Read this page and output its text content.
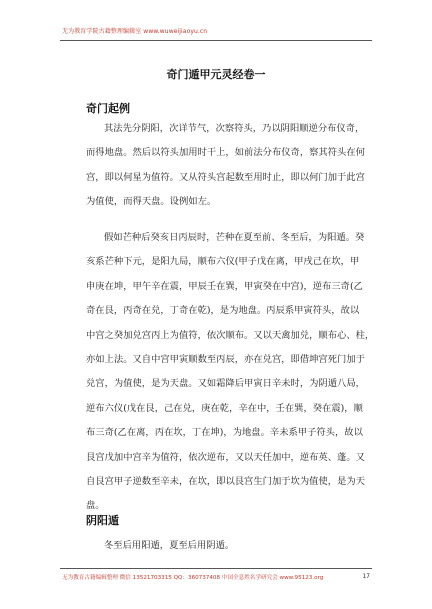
无为教育学院古籍整理编辑室 www.wuweijiaoyu.cn
奇门遁甲元灵经卷一
奇门起例

其法先分阴阳，次详节气，次察符头，乃以阴阳顺逆分布仪奇，
而得地盘。然后以符头加用时干上，如前法分布仪奇，察其符头在何
宫，即以何星为值符。又从符头宫起数至用时止，即以何门加于此宫
为值使，而得天盘。设例如左。

假如芒种后癸亥日丙辰时，芒种在夏至前、冬至后，为阳遁。癸
亥系芒种下元，是阳九局，顺布六仪(甲子戊在离，甲戌己在坎，甲
申庚在坤，甲午辛在震，甲辰壬在巽，甲寅癸在中宫)，逆布三奇(乙
奇在艮，丙奇在兑，丁奇在乾)，是为地盘。丙辰系甲寅符头，故以
中宫之癸加兑宫丙上为值符，依次顺布。又以天禽加兑，顺布心、柱，
亦如上法。又自中宫甲寅顺数至丙辰，亦在兑宫，即借坤宫死门加于
兑宫，为值使，是为天盘。又如霜降后甲寅日辛未时，为阴遁八局，
逆布六仪(戊在艮，己在兑，庚在乾，辛在中，壬在巽，癸在震)，顺
布三奇(乙在离，丙在坎，丁在坤)，为地盘。辛未系甲子符头，故以
艮宫戊加中宫辛为值符，依次逆布，又以天任加中，逆布英、蓬。又
自艮宫甲子逆数至辛未，在坎，即以艮宫生门加于坎为值使，是为天
盘。

阴阳遁

冬至后用阳遁，夏至后用阴遁。

无为教育古籍编辑整理 微信 13521703315 QQ：360737408 中国全息姓名学研究会 www.95123.org	17
